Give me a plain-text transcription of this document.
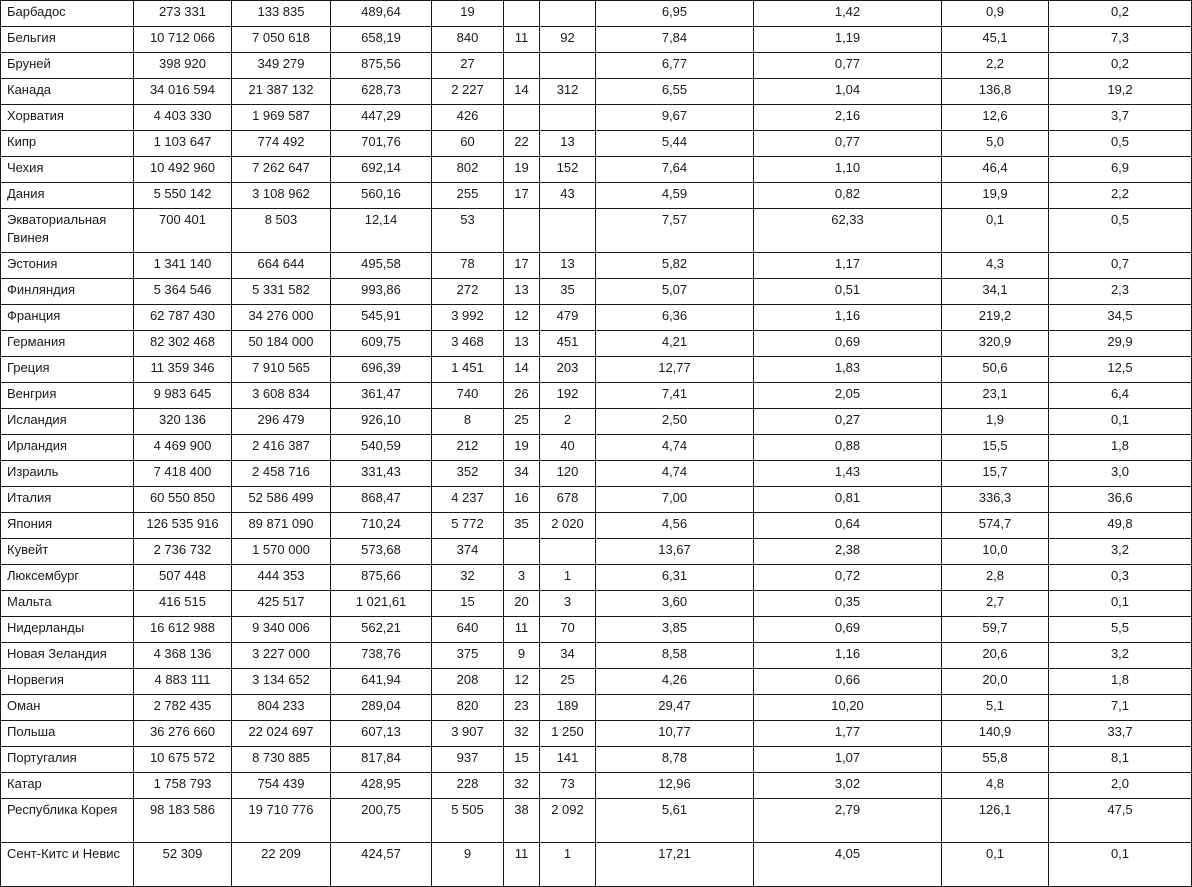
Барбадос	273 331	133 835	489,64	19			6,95	1,42	0,9	0,2
Бельгия	10 712 066	7 050 618	658,19	840	11	92	7,84	1,19	45,1	7,3
Бруней	398 920	349 279	875,56	27			6,77	0,77	2,2	0,2
Канада	34 016 594	21 387 132	628,73	2 227	14	312	6,55	1,04	136,8	19,2
Хорватия	4 403 330	1 969 587	447,29	426			9,67	2,16	12,6	3,7
Кипр	1 103 647	774 492	701,76	60	22	13	5,44	0,77	5,0	0,5
Чехия	10 492 960	7 262 647	692,14	802	19	152	7,64	1,10	46,4	6,9
Дания	5 550 142	3 108 962	560,16	255	17	43	4,59	0,82	19,9	2,2
Экваториальная Гвинея	700 401	8 503	12,14	53			7,57	62,33	0,1	0,5
Эстония	1 341 140	664 644	495,58	78	17	13	5,82	1,17	4,3	0,7
Финляндия	5 364 546	5 331 582	993,86	272	13	35	5,07	0,51	34,1	2,3
Франция	62 787 430	34 276 000	545,91	3 992	12	479	6,36	1,16	219,2	34,5
Германия	82 302 468	50 184 000	609,75	3 468	13	451	4,21	0,69	320,9	29,9
Греция	11 359 346	7 910 565	696,39	1 451	14	203	12,77	1,83	50,6	12,5
Венгрия	9 983 645	3 608 834	361,47	740	26	192	7,41	2,05	23,1	6,4
Исландия	320 136	296 479	926,10	8	25	2	2,50	0,27	1,9	0,1
Ирландия	4 469 900	2 416 387	540,59	212	19	40	4,74	0,88	15,5	1,8
Израиль	7 418 400	2 458 716	331,43	352	34	120	4,74	1,43	15,7	3,0
Италия	60 550 850	52 586 499	868,47	4 237	16	678	7,00	0,81	336,3	36,6
Япония	126 535 916	89 871 090	710,24	5 772	35	2 020	4,56	0,64	574,7	49,8
Кувейт	2 736 732	1 570 000	573,68	374			13,67	2,38	10,0	3,2
Люксембург	507 448	444 353	875,66	32	3	1	6,31	0,72	2,8	0,3
Мальта	416 515	425 517	1 021,61	15	20	3	3,60	0,35	2,7	0,1
Нидерланды	16 612 988	9 340 006	562,21	640	11	70	3,85	0,69	59,7	5,5
Новая Зеландия	4 368 136	3 227 000	738,76	375	9	34	8,58	1,16	20,6	3,2
Норвегия	4 883 111	3 134 652	641,94	208	12	25	4,26	0,66	20,0	1,8
Оман	2 782 435	804 233	289,04	820	23	189	29,47	10,20	5,1	7,1
Польша	36 276 660	22 024 697	607,13	3 907	32	1 250	10,77	1,77	140,9	33,7
Португалия	10 675 572	8 730 885	817,84	937	15	141	8,78	1,07	55,8	8,1
Катар	1 758 793	754 439	428,95	228	32	73	12,96	3,02	4,8	2,0
Республика Корея	98 183 586	19 710 776	200,75	5 505	38	2 092	5,61	2,79	126,1	47,5
Сент-Китс и Невис	52 309	22 209	424,57	9	11	1	17,21	4,05	0,1	0,1
